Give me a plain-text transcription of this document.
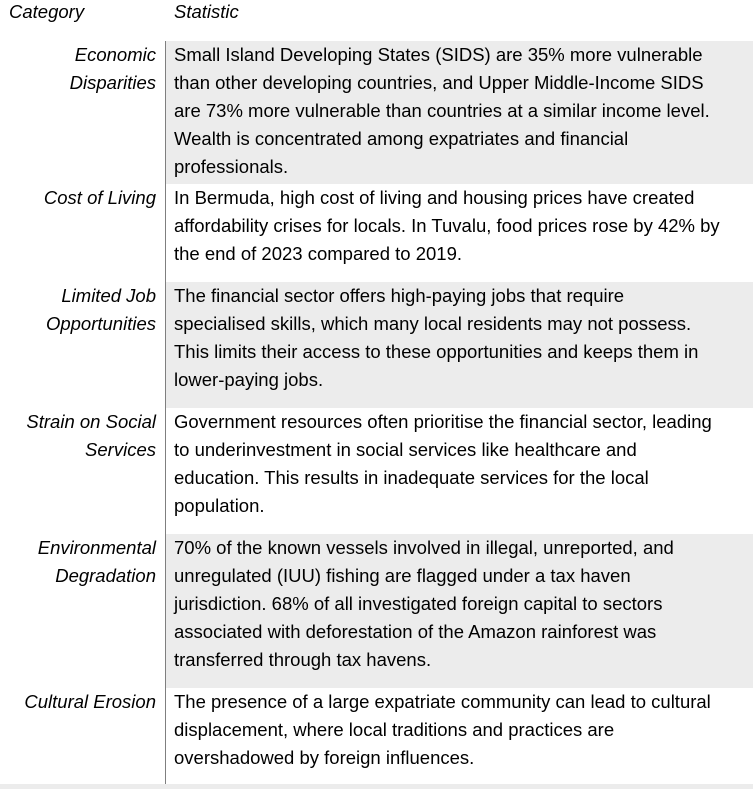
Category	Statistic
Economic
Disparities
Small Island Developing States (SIDS) are 35% more vulnerable
than other developing countries, and Upper Middle-Income SIDS
are 73% more vulnerable than countries at a similar income level.
Wealth is concentrated among expatriates and financial
professionals.
Cost of Living In Bermuda, high cost of living and housing prices have created
affordability crises for locals. In Tuvalu, food prices rose by 42% by
the end of 2023 compared to 2019.
Limited Job
Opportunities
The financial sector offers high-paying jobs that require
specialised skills, which many local residents may not possess.
This limits their access to these opportunities and keeps them in
lower-paying jobs.
Strain on Social
Services
Government resources often prioritise the financial sector, leading
to underinvestment in social services like healthcare and
education. This results in inadequate services for the local
population.
Environmental
Degradation
70% of the known vessels involved in illegal, unreported, and
unregulated (IUU) fishing are flagged under a tax haven
jurisdiction. 68% of all investigated foreign capital to sectors
associated with deforestation of the Amazon rainforest was
transferred through tax havens.
Cultural Erosion The presence of a large expatriate community can lead to cultural
displacement, where local traditions and practices are
overshadowed by foreign influences.
